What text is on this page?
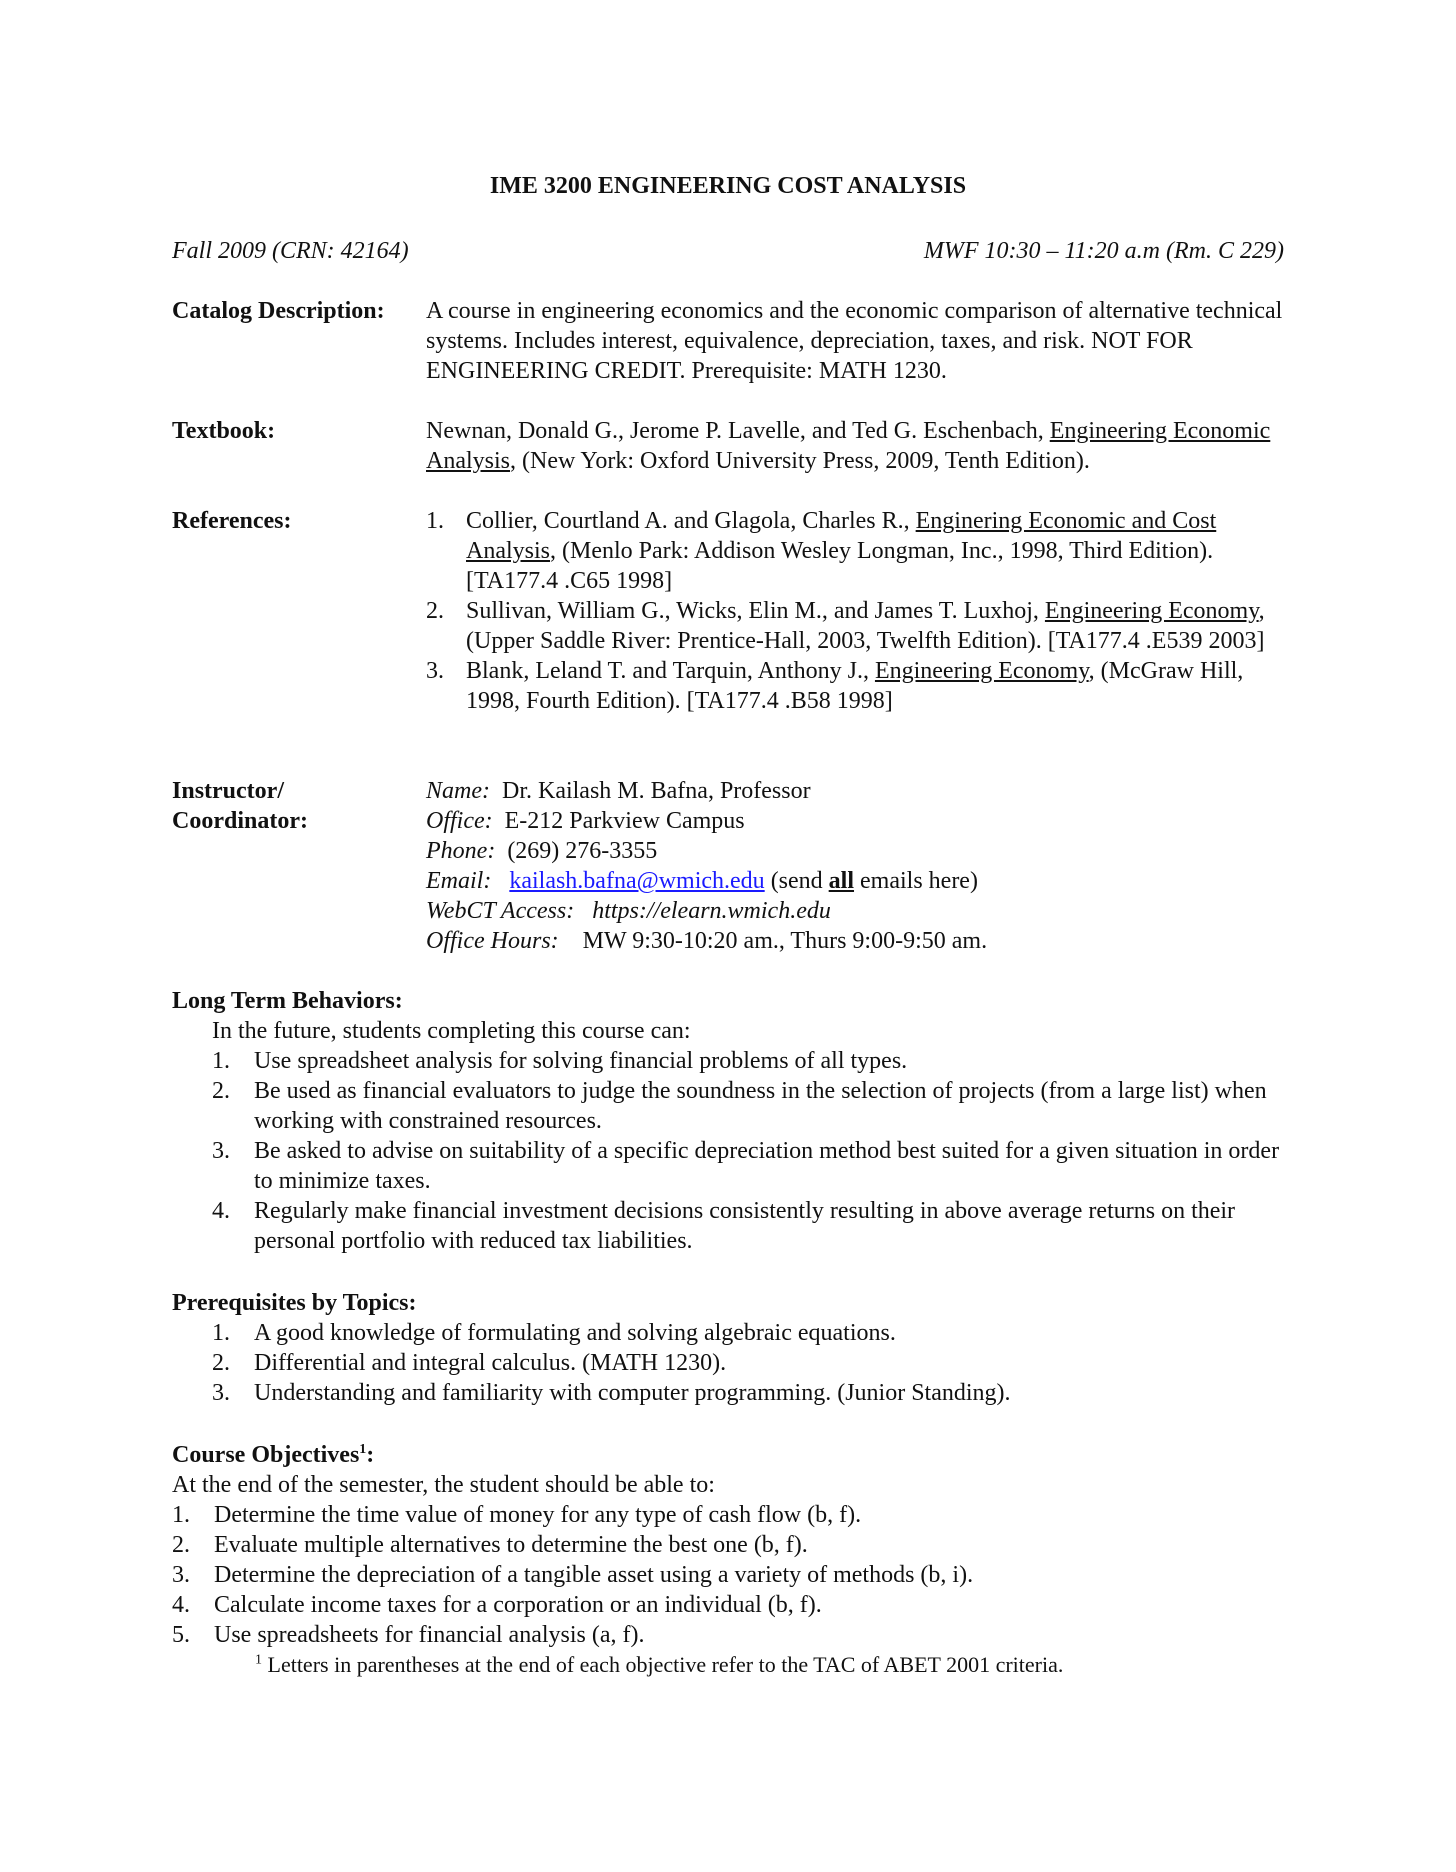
IME 3200 ENGINEERING COST ANALYSIS
Fall 2009 (CRN: 42164)	MWF 10:30 – 11:20 a.m (Rm. C 229)
Catalog Description: A course in engineering economics and the economic comparison of alternative technical systems. Includes interest, equivalence, depreciation, taxes, and risk. NOT FOR ENGINEERING CREDIT. Prerequisite: MATH 1230.
Textbook:	Newnan, Donald G., Jerome P. Lavelle, and Ted G. Eschenbach, Engineering Economic Analysis, (New York: Oxford University Press, 2009, Tenth Edition).
References:	1. Collier, Courtland A. and Glagola, Charles R., Enginering Economic and Cost Analysis, (Menlo Park: Addison Wesley Longman, Inc., 1998, Third Edition). [TA177.4 .C65 1998]
2. Sullivan, William G., Wicks, Elin M., and James T. Luxhoj, Engineering Economy, (Upper Saddle River: Prentice-Hall, 2003, Twelfth Edition). [TA177.4 .E539 2003]
3. Blank, Leland T. and Tarquin, Anthony J., Engineering Economy, (McGraw Hill, 1998, Fourth Edition). [TA177.4 .B58 1998]
Instructor/
Coordinator:
Name: Dr. Kailash M. Bafna, Professor
Office: E-212 Parkview Campus
Phone: (269) 276-3355
Email: kailash.bafna@wmich.edu (send all emails here)
WebCT Access: https://elearn.wmich.edu
Office Hours: MW 9:30-10:20 am., Thurs 9:00-9:50 am.
Long Term Behaviors:
In the future, students completing this course can:
1.	Use spreadsheet analysis for solving financial problems of all types.
2.	Be used as financial evaluators to judge the soundness in the selection of projects (from a large list) when working with constrained resources.
3.	Be asked to advise on suitability of a specific depreciation method best suited for a given situation in order to minimize taxes.
4.	Regularly make financial investment decisions consistently resulting in above average returns on their personal portfolio with reduced tax liabilities.
Prerequisites by Topics:
1.	A good knowledge of formulating and solving algebraic equations.
2.	Differential and integral calculus. (MATH 1230).
3.	Understanding and familiarity with computer programming. (Junior Standing).
Course Objectives$^1$:
At the end of the semester, the student should be able to:
1.	Determine the time value of money for any type of cash flow (b, f).
2.	Evaluate multiple alternatives to determine the best one (b, f).
3.	Determine the depreciation of a tangible asset using a variety of methods (b, i).
4.	Calculate income taxes for a corporation or an individual (b, f).
5.	Use spreadsheets for financial analysis (a, f).
$^1$ Letters in parentheses at the end of each objective refer to the TAC of ABET 2001 criteria.
